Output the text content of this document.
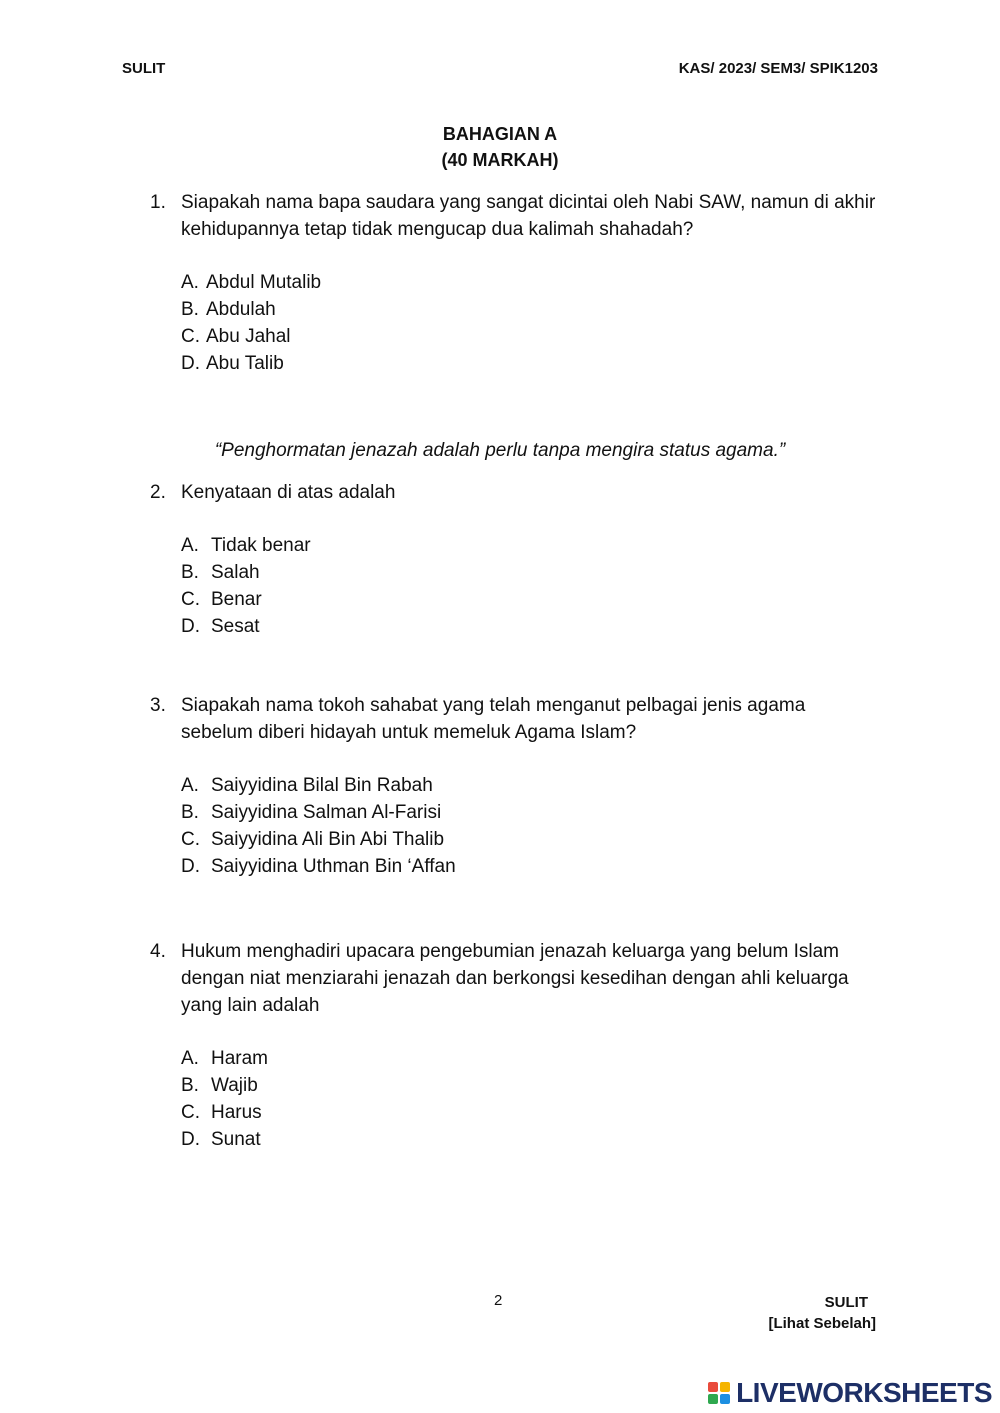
SULIT	KAS/ 2023/ SEM3/ SPIK1203
BAHAGIAN A
(40 MARKAH)
1. Siapakah nama bapa saudara yang sangat dicintai oleh Nabi SAW, namun di akhir kehidupannya tetap tidak mengucap dua kalimah shahadah?
A. Abdul Mutalib
B. Abdulah
C. Abu Jahal
D. Abu Talib
“Penghormatan jenazah adalah perlu tanpa mengira status agama.”
2. Kenyataan di atas adalah
A. Tidak benar
B. Salah
C. Benar
D. Sesat
3. Siapakah nama tokoh sahabat yang telah menganut pelbagai jenis agama sebelum diberi hidayah untuk memeluk Agama Islam?
A. Saiyyidina Bilal Bin Rabah
B. Saiyyidina Salman Al-Farisi
C. Saiyyidina Ali Bin Abi Thalib
D. Saiyyidina Uthman Bin ‘Affan
4. Hukum menghadiri upacara pengebumian jenazah keluarga yang belum Islam dengan niat menziarahi jenazah dan berkongsi kesedihan dengan ahli keluarga yang lain adalah
A. Haram
B. Wajib
C. Harus
D. Sunat
2	SULIT
[Lihat Sebelah]
LIVEWORKSHEETS
